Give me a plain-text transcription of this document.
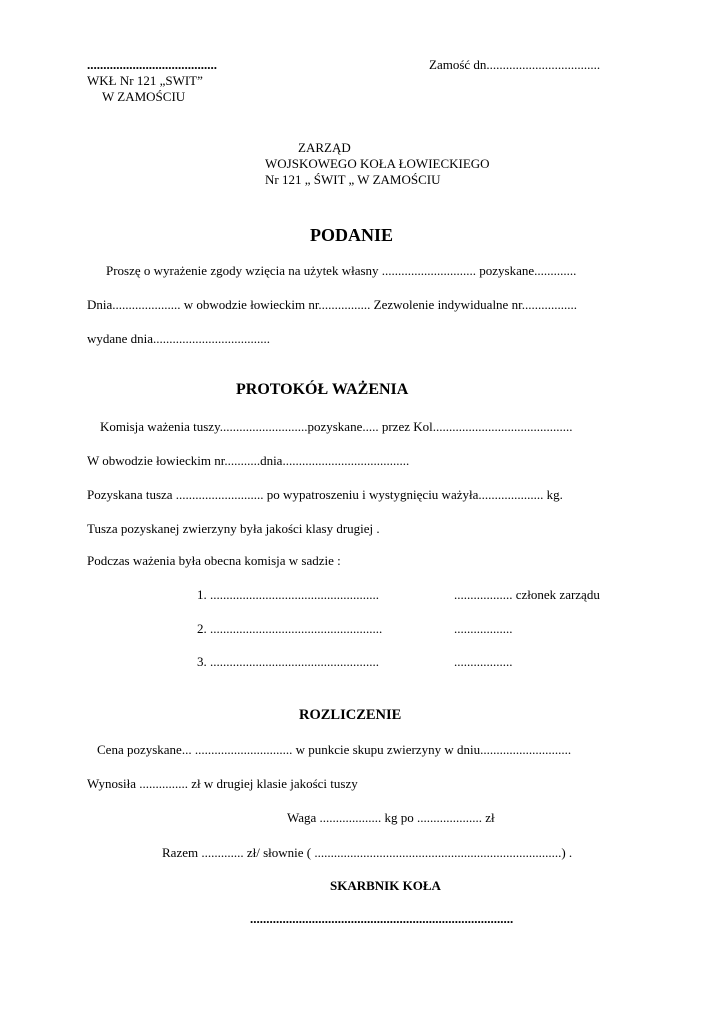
........................................	Zamość dn...................................
WKŁ Nr 121 „SWIT”
W ZAMOŚCIU
ZARZĄD
WOJSKOWEGO KOŁA ŁOWIECKIEGO
Nr 121 „ ŚWIT „ W ZAMOŚCIU
PODANIE
Proszę o wyrażenie zgody wzięcia na użytek własny ............................. pozyskane.............
Dnia..................... w obwodzie łowieckim nr................ Zezwolenie indywidualne nr.................
wydane dnia....................................
PROTOKÓŁ WAŻENIA
Komisja ważenia tuszy...........................pozyskane..... przez Kol...........................................
W obwodzie łowieckim nr...........dnia.......................................
Pozyskana tusza ........................... po wypatroszeniu i wystygnięciu ważyła.................... kg.
Tusza pozyskanej zwierzyny była jakości klasy drugiej .
Podczas ważenia była obecna komisja w sadzie :
1. ....................................................	.................. członek zarządu
2. .....................................................	..................
3. ....................................................	..................
ROZLICZENIE
Cena pozyskane... .............................. w punkcie skupu zwierzyny w dniu............................
Wynosiła ............... zł w drugiej klasie jakości tuszy
Waga ................... kg po .................... zł
Razem ............. zł/ słownie ( ............................................................................) .
SKARBNIK KOŁA
.................................................................................
